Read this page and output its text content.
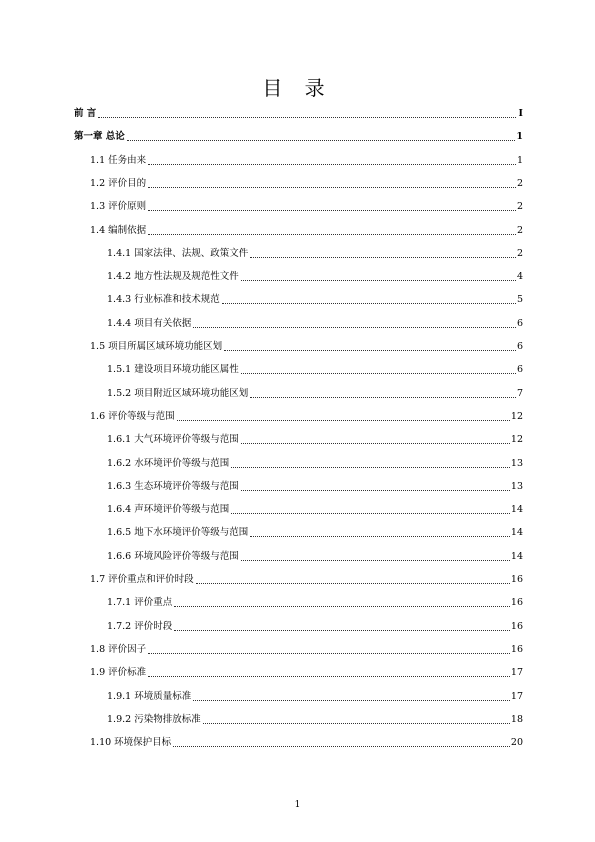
目 录
前 言	I
第一章 总论	1
1.1 任务由来	1
1.2 评价目的	2
1.3 评价原则	2
1.4 编制依据	2
1.4.1 国家法律、法规、政策文件	2
1.4.2 地方性法规及规范性文件	4
1.4.3 行业标准和技术规范	5
1.4.4 项目有关依据	6
1.5 项目所属区域环境功能区划	6
1.5.1 建设项目环境功能区属性	6
1.5.2 项目附近区域环境功能区划	7
1.6 评价等级与范围	12
1.6.1 大气环境评价等级与范围	12
1.6.2 水环境评价等级与范围	13
1.6.3 生态环境评价等级与范围	13
1.6.4 声环境评价等级与范围	14
1.6.5 地下水环境评价等级与范围	14
1.6.6 环境风险评价等级与范围	14
1.7 评价重点和评价时段	16
1.7.1 评价重点	16
1.7.2 评价时段	16
1.8 评价因子	16
1.9 评价标准	17
1.9.1 环境质量标准	17
1.9.2 污染物排放标准	18
1.10 环境保护目标	20
1
